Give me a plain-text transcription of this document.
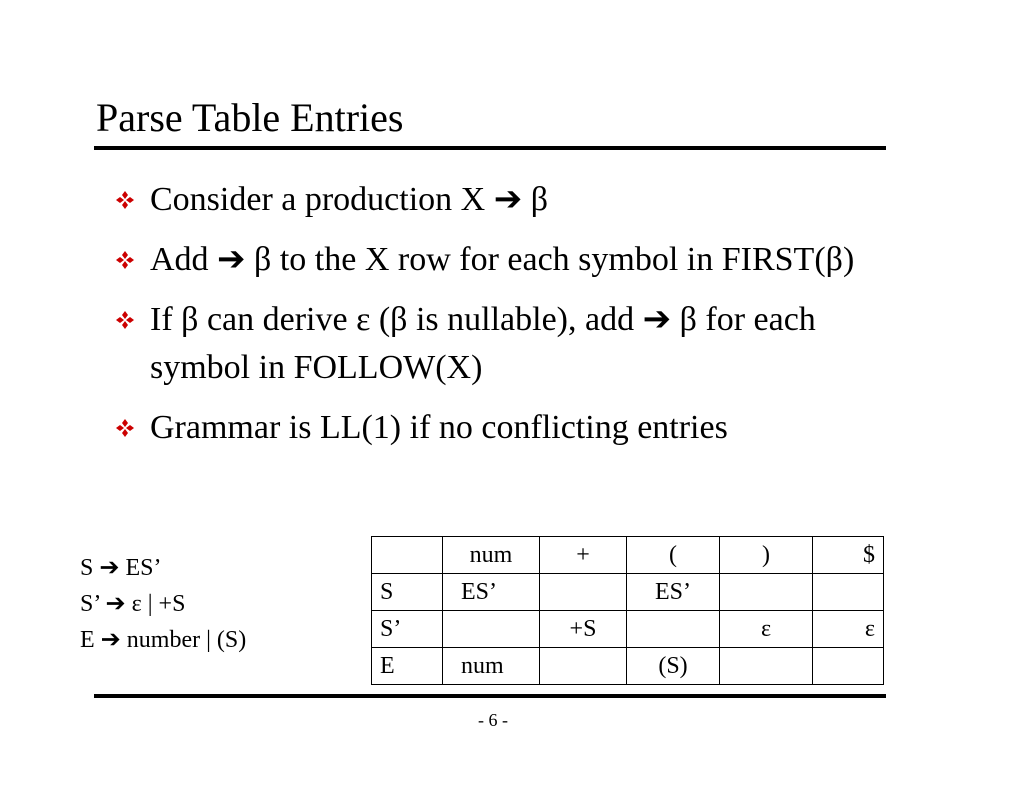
Parse Table Entries
Consider a production X ➔ β
Add ➔ β to the X row for each symbol in FIRST(β)
If β can derive ε (β is nullable), add ➔ β for each symbol in FOLLOW(X)
Grammar is LL(1) if no conflicting entries
S ➔ ES’
S’ ➔ ε | +S
E ➔ number | (S)
	num	+	(	)	$
S	ES’		ES’		
S’		+S		ε	ε
E	num		(S)		
- 6 -
